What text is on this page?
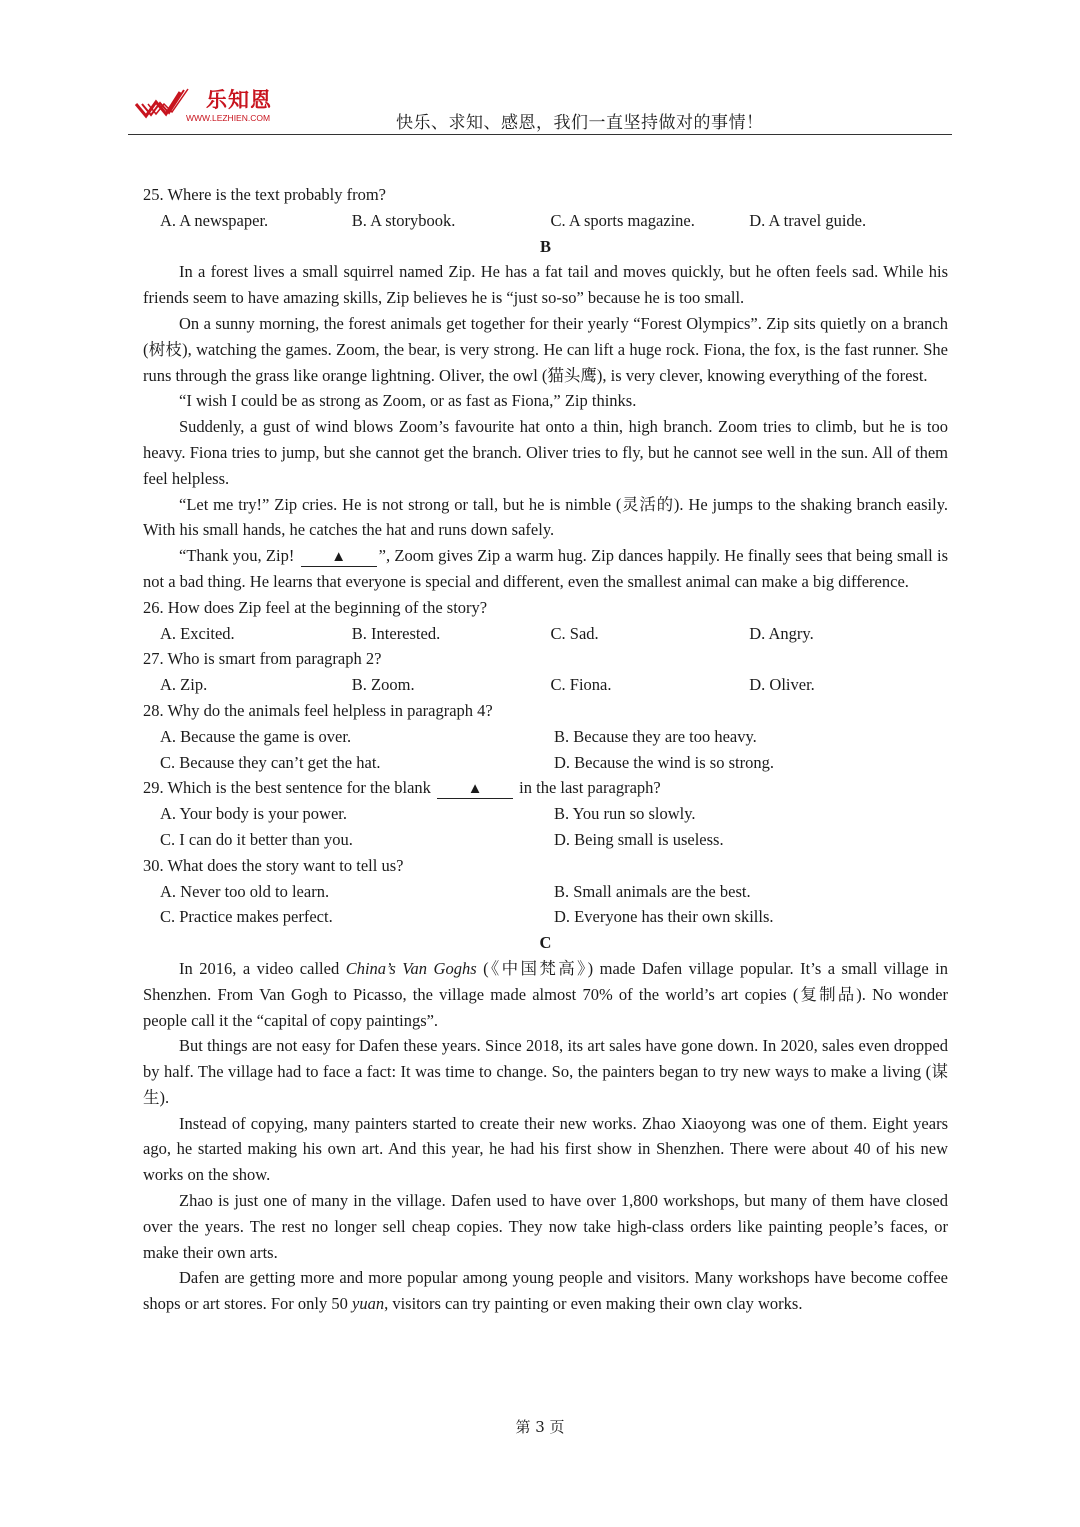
乐知恩
WWW.LEZHIEN.COM	快乐、求知、感恩，我们一直坚持做对的事情！

25. Where is the text probably from?

A. A newspaper.	B. A storybook.	C. A sports magazine.	D. A travel guide.

B

In a forest lives a small squirrel named Zip. He has a fat tail and moves quickly, but he often feels sad. While his friends seem to have amazing skills, Zip believes he is “just so-so” because he is too small.

On a sunny morning, the forest animals get together for their yearly “Forest Olympics”. Zip sits quietly on a branch (树枝), watching the games. Zoom, the bear, is very strong. He can lift a huge rock. Fiona, the fox, is the fast runner. She runs through the grass like orange lightning. Oliver, the owl (猫头鹰), is very clever, knowing everything of the forest.

“I wish I could be as strong as Zoom, or as fast as Fiona,” Zip thinks.

Suddenly, a gust of wind blows Zoom’s favourite hat onto a thin, high branch. Zoom tries to climb, but he is too heavy. Fiona tries to jump, but she cannot get the branch. Oliver tries to fly, but he cannot see well in the sun. All of them feel helpless.

“Let me try!” Zip cries. He is not strong or tall, but he is nimble (灵活的). He jumps to the shaking branch easily. With his small hands, he catches the hat and runs down safely.

“Thank you, Zip! ▲ ”, Zoom gives Zip a warm hug. Zip dances happily. He finally sees that being small is not a bad thing. He learns that everyone is special and different, even the smallest animal can make a big difference.

26. How does Zip feel at the beginning of the story?

A. Excited.	B. Interested.	C. Sad.	D. Angry.

27. Who is smart from paragraph 2?

A. Zip.	B. Zoom.	C. Fiona.	D. Oliver.

28. Why do the animals feel helpless in paragraph 4?

A. Because the game is over.	B. Because they are too heavy.
C. Because they can’t get the hat.	D. Because the wind is so strong.

29. Which is the best sentence for the blank ▲ in the last paragraph?

A. Your body is your power.	B. You run so slowly.
C. I can do it better than you.	D. Being small is useless.

30. What does the story want to tell us?

A. Never too old to learn.	B. Small animals are the best.
C. Practice makes perfect.	D. Everyone has their own skills.

C

In 2016, a video called China’s Van Goghs (《中国梵高》) made Dafen village popular. It’s a small village in Shenzhen. From Van Gogh to Picasso, the village made almost 70% of the world’s art copies (复制品). No wonder people call it the “capital of copy paintings”.

But things are not easy for Dafen these years. Since 2018, its art sales have gone down. In 2020, sales even dropped by half. The village had to face a fact: It was time to change. So, the painters began to try new ways to make a living (谋生).

Instead of copying, many painters started to create their new works. Zhao Xiaoyong was one of them. Eight years ago, he started making his own art. And this year, he had his first show in Shenzhen. There were about 40 of his new works on the show.

Zhao is just one of many in the village. Dafen used to have over 1,800 workshops, but many of them have closed over the years. The rest no longer sell cheap copies. They now take high-class orders like painting people’s faces, or make their own arts.

Dafen are getting more and more popular among young people and visitors. Many workshops have become coffee shops or art stores. For only 50 yuan, visitors can try painting or even making their own clay works.

第 3 页
